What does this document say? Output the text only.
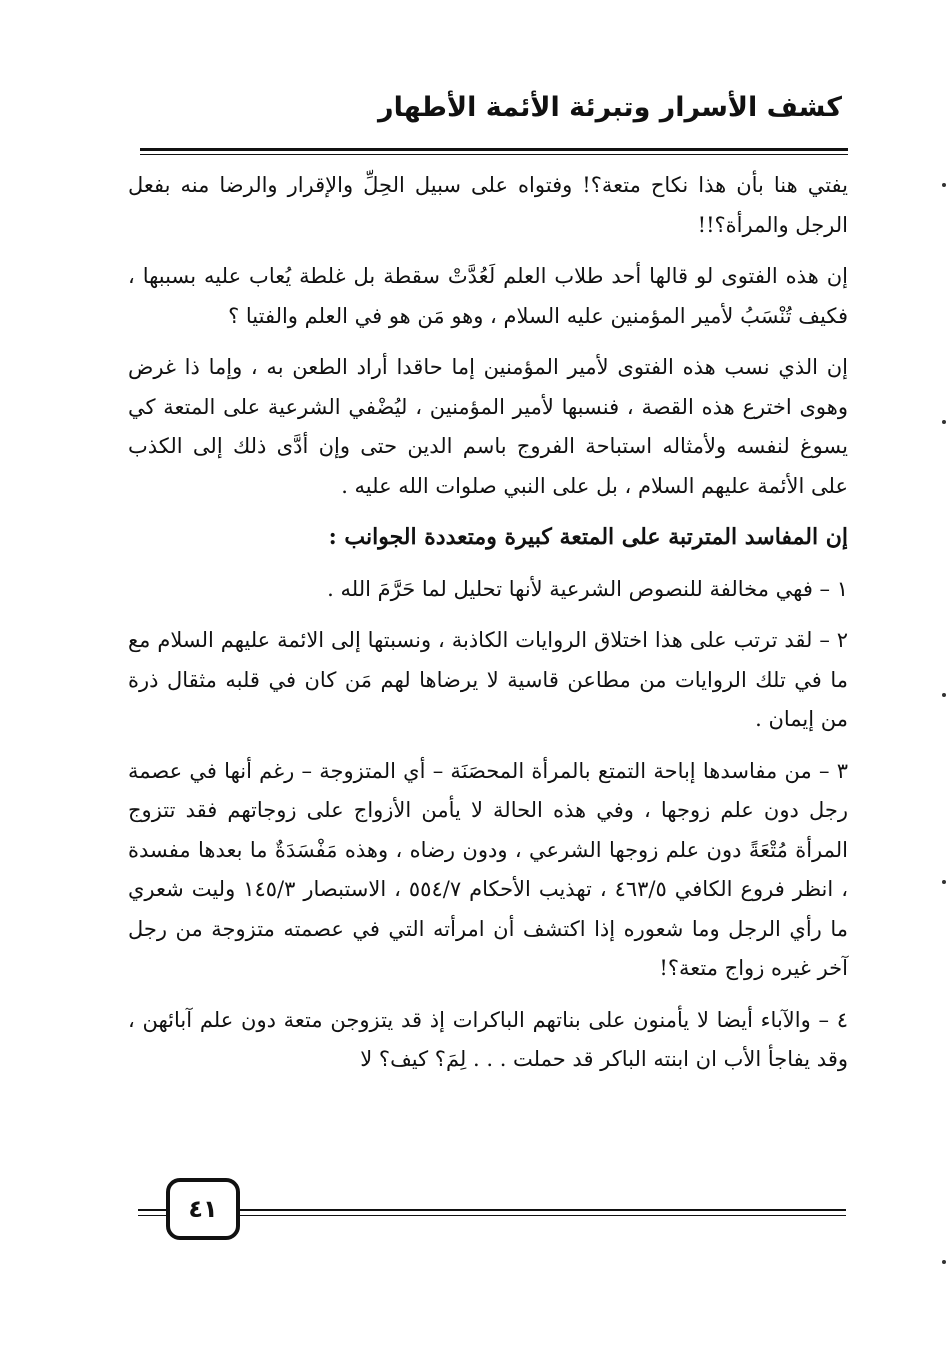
كشف الأسرار وتبرئة الأئمة الأطهار

يفتي هنا بأن هذا نكاح متعة؟! وفتواه على سبيل الحِلِّ والإقرار والرضا منه بفعل الرجل والمرأة؟!!

إن هذه الفتوى لو قالها أحد طلاب العلم لَعُدَّتْ سقطة بل غلطة يُعاب عليه بسببها ، فكيف تُنْسَبُ لأمير المؤمنين عليه السلام ، وهو مَن هو في العلم والفتيا ؟

إن الذي نسب هذه الفتوى لأمير المؤمنين إما حاقدا أراد الطعن به ، وإما ذا غرض وهوى اخترع هذه القصة ، فنسبها لأمير المؤمنين ، ليُضْفي الشرعية على المتعة كي يسوغ لنفسه ولأمثاله استباحة الفروج باسم الدين حتى وإن أدَّى ذلك إلى الكذب على الأئمة عليهم السلام ، بل على النبي صلوات الله عليه .

إن المفاسد المترتبة على المتعة كبيرة ومتعددة الجوانب :

١ – فهي مخالفة للنصوص الشرعية لأنها تحليل لما حَرَّمَ الله .

٢ – لقد ترتب على هذا اختلاق الروايات الكاذبة ، ونسبتها إلى الائمة عليهم السلام مع ما في تلك الروايات من مطاعن قاسية لا يرضاها لهم مَن كان في قلبه مثقال ذرة من إيمان .

٣ – من مفاسدها إباحة التمتع بالمرأة المحصَنَة – أي المتزوجة – رغم أنها في عصمة رجل دون علم زوجها ، وفي هذه الحالة لا يأمن الأزواج على زوجاتهم فقد تتزوج المرأة مُتْعَةً دون علم زوجها الشرعي ، ودون رضاه ، وهذه مَفْسَدَةٌ ما بعدها مفسدة ، انظر فروع الكافي ٤٦٣/٥ ، تهذيب الأحكام ٥٥٤/٧ ، الاستبصار ١٤٥/٣ وليت شعري ما رأي الرجل وما شعوره إذا اكتشف أن امرأته التي في عصمته متزوجة من رجل آخر غيره زواج متعة؟!

٤ – والآباء أيضا لا يأمنون على بناتهم الباكرات إذ قد يتزوجن متعة دون علم آبائهن ، وقد يفاجأ الأب ان ابنته الباكر قد حملت . . . لِمَ؟ كيف؟ لا

٤١
